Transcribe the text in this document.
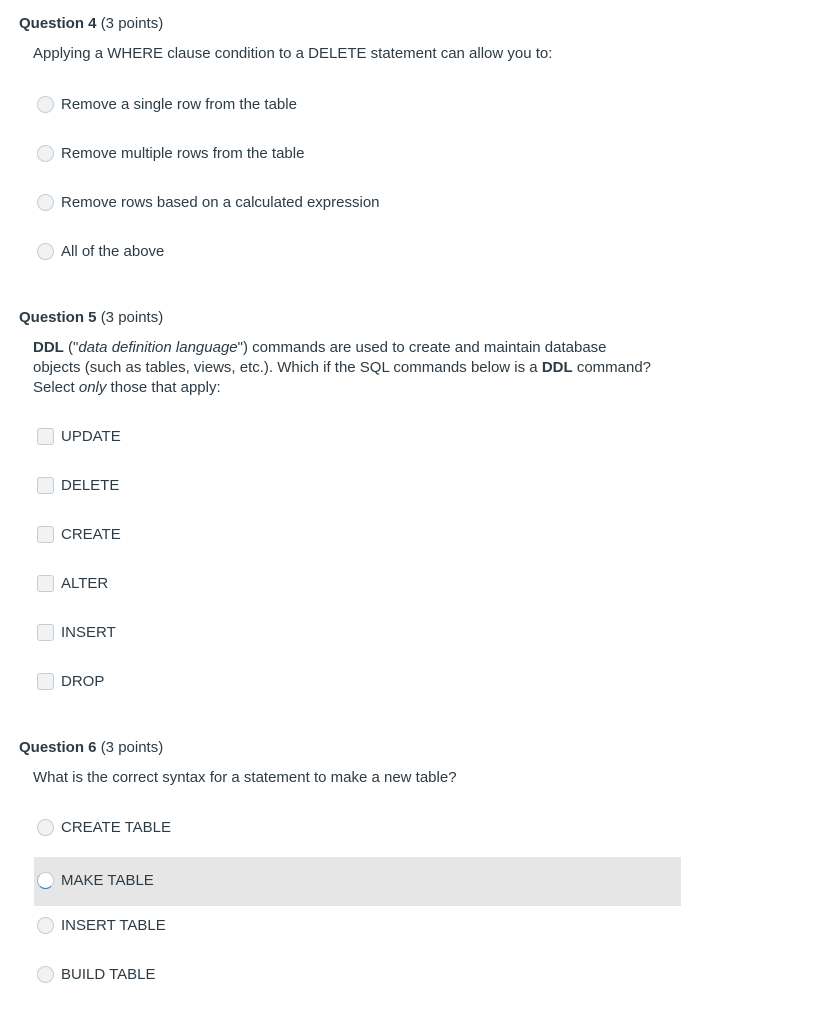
Question 4 (3 points)
Applying a WHERE clause condition to a DELETE statement can allow you to:
Remove a single row from the table
Remove multiple rows from the table
Remove rows based on a calculated expression
All of the above
Question 5 (3 points)
DDL ("data definition language") commands are used to create and maintain database objects (such as tables, views, etc.). Which if the SQL commands below is a DDL command? Select only those that apply:
UPDATE
DELETE
CREATE
ALTER
INSERT
DROP
Question 6 (3 points)
What is the correct syntax for a statement to make a new table?
CREATE TABLE
MAKE TABLE
INSERT TABLE
BUILD TABLE
